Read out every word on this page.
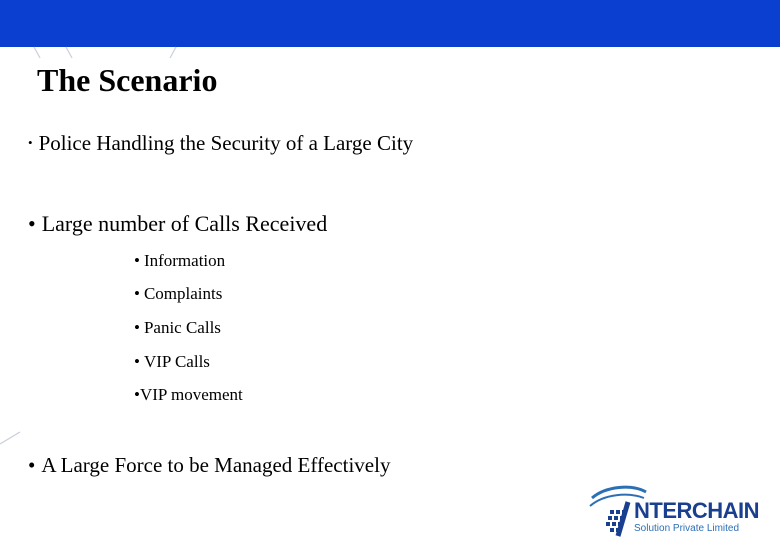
The Scenario
• Police Handling the Security of a Large City
• Large number of Calls Received
• Information
• Complaints
• Panic Calls
• VIP Calls
•VIP movement
• A Large Force to be Managed Effectively
NTERCHAIN
Solution Private Limited
